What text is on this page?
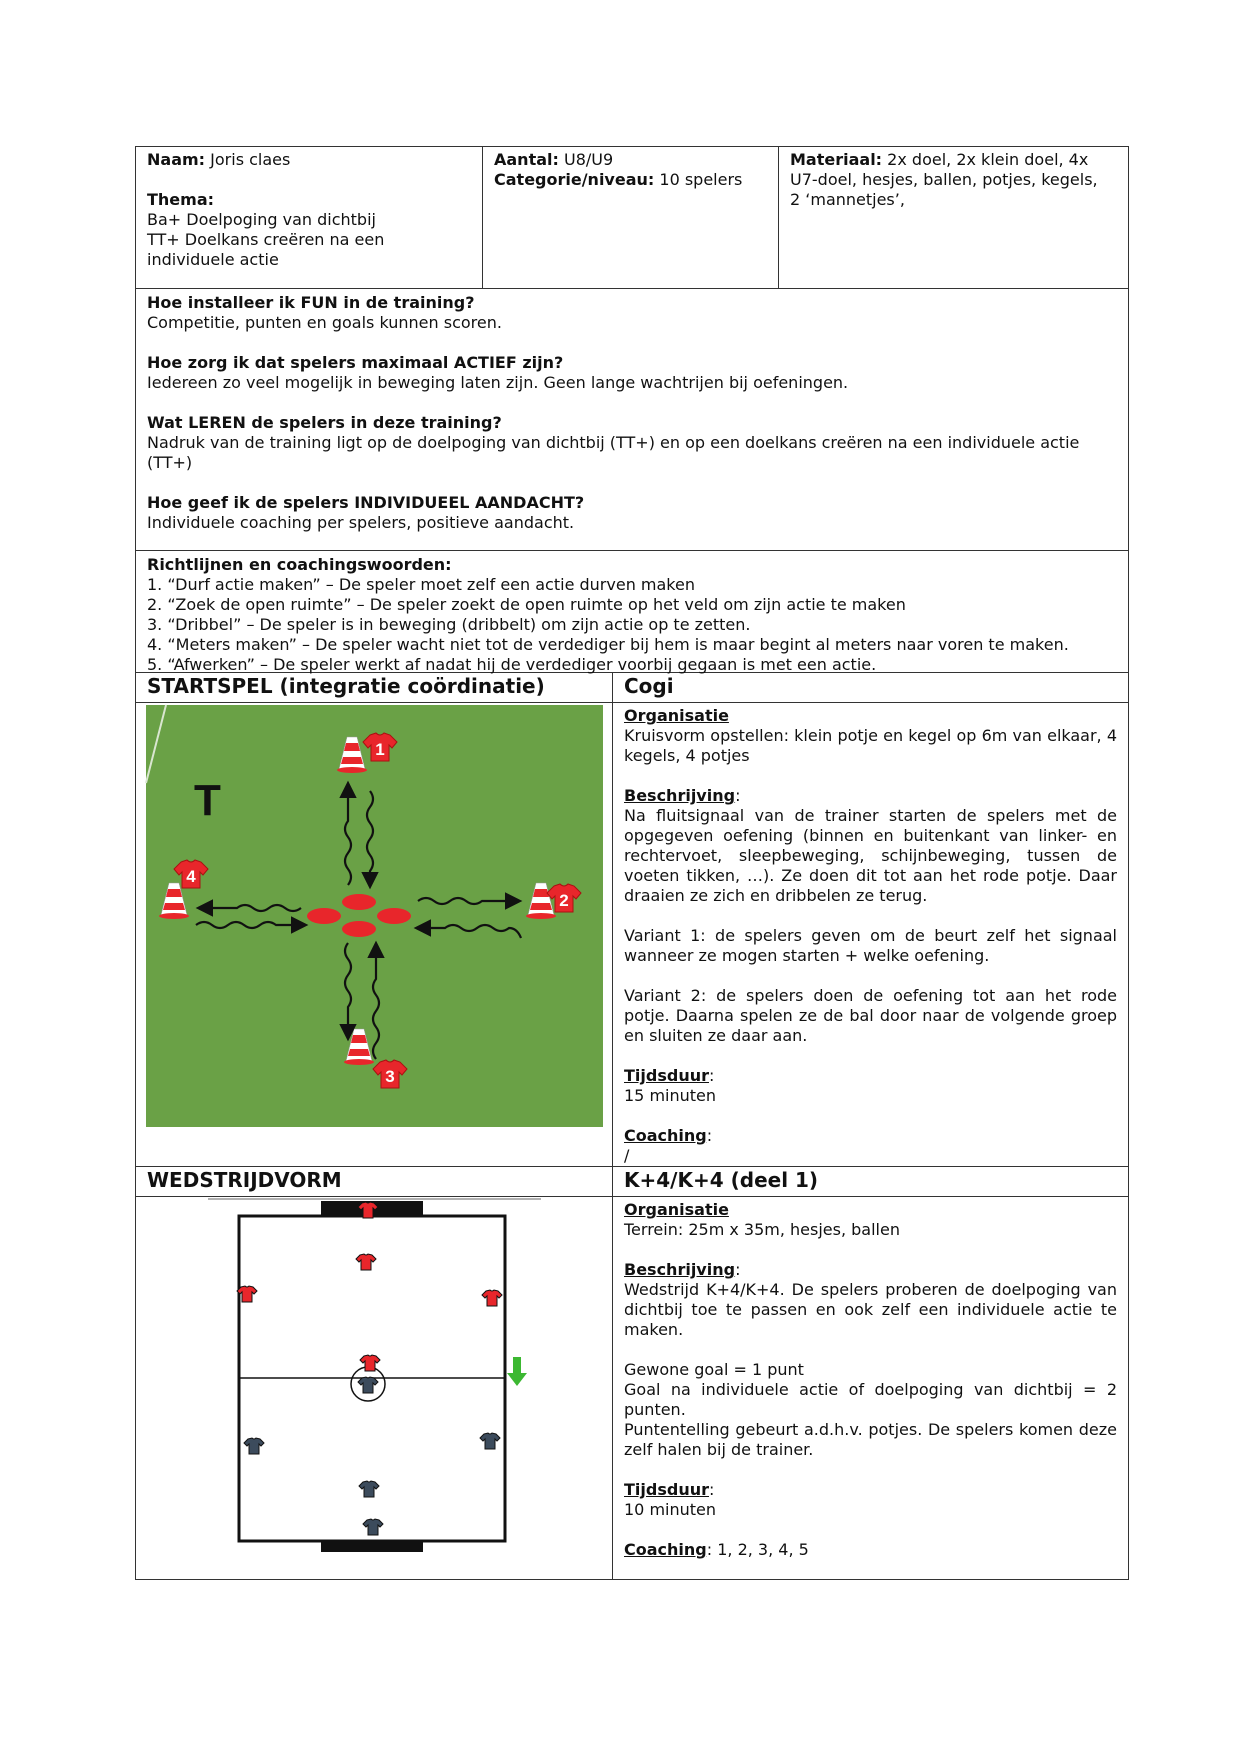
Naam: Joris claes

Thema:

Ba+ Doelpoging van dichtbij

TT+ Doelkans creëren na een

individuele actie

Aantal: U8/U9

Categorie/niveau: 10 spelers

Materiaal: 2x doel, 2x klein doel, 4x

U7-doel, hesjes, ballen, potjes, kegels,

2 ‘mannetjes’,

Hoe installeer ik FUN in de training?

Competitie, punten en goals kunnen scoren.

Hoe zorg ik dat spelers maximaal ACTIEF zijn?

Iedereen zo veel mogelijk in beweging laten zijn. Geen lange wachtrijen bij oefeningen.

Wat LEREN de spelers in deze training?

Nadruk van de training ligt op de doelpoging van dichtbij (TT+) en op een doelkans creëren na een individuele actie

(TT+)

Hoe geef ik de spelers INDIVIDUEEL AANDACHT?

Individuele coaching per spelers, positieve aandacht.

Richtlijnen en coachingswoorden:

1. “Durf actie maken” – De speler moet zelf een actie durven maken

2. “Zoek de open ruimte” – De speler zoekt de open ruimte op het veld om zijn actie te maken

3. “Dribbel” – De speler is in beweging (dribbelt) om zijn actie op te zetten.

4. “Meters maken” – De speler wacht niet tot de verdediger bij hem is maar begint al meters naar voren te maken.

5. “Afwerken” – De speler werkt af nadat hij de verdediger voorbij gegaan is met een actie.

STARTSPEL (integratie coördinatie)	Cogi
T
1
2
3
4

Organisatie

Kruisvorm opstellen: klein potje en kegel op 6m van elkaar, 4 kegels, 4 potjes

Beschrijving:

Na fluitsignaal van de trainer starten de spelers met de opgegeven oefening (binnen en buitenkant van linker- en rechtervoet, sleepbeweging, schijnbeweging, tussen de voeten tikken, …). Ze doen dit tot aan het rode potje. Daar draaien ze zich en dribbelen ze terug.

Variant 1: de spelers geven om de beurt zelf het signaal wanneer ze mogen starten + welke oefening.

Variant 2: de spelers doen de oefening tot aan het rode potje. Daarna spelen ze de bal door naar de volgende groep en sluiten ze daar aan.

Tijdsduur:

15 minuten

Coaching:

/

WEDSTRIJDVORM	K+4/K+4 (deel 1)

Organisatie

Terrein: 25m x 35m, hesjes, ballen

Beschrijving:

Wedstrijd K+4/K+4. De spelers proberen de doelpoging van dichtbij toe te passen en ook zelf een individuele actie te maken.

Gewone goal = 1 punt

Goal na individuele actie of doelpoging van dichtbij = 2 punten.

Puntentelling gebeurt a.d.h.v. potjes. De spelers komen deze zelf halen bij de trainer.

Tijdsduur:

10 minuten

Coaching: 1, 2, 3, 4, 5
